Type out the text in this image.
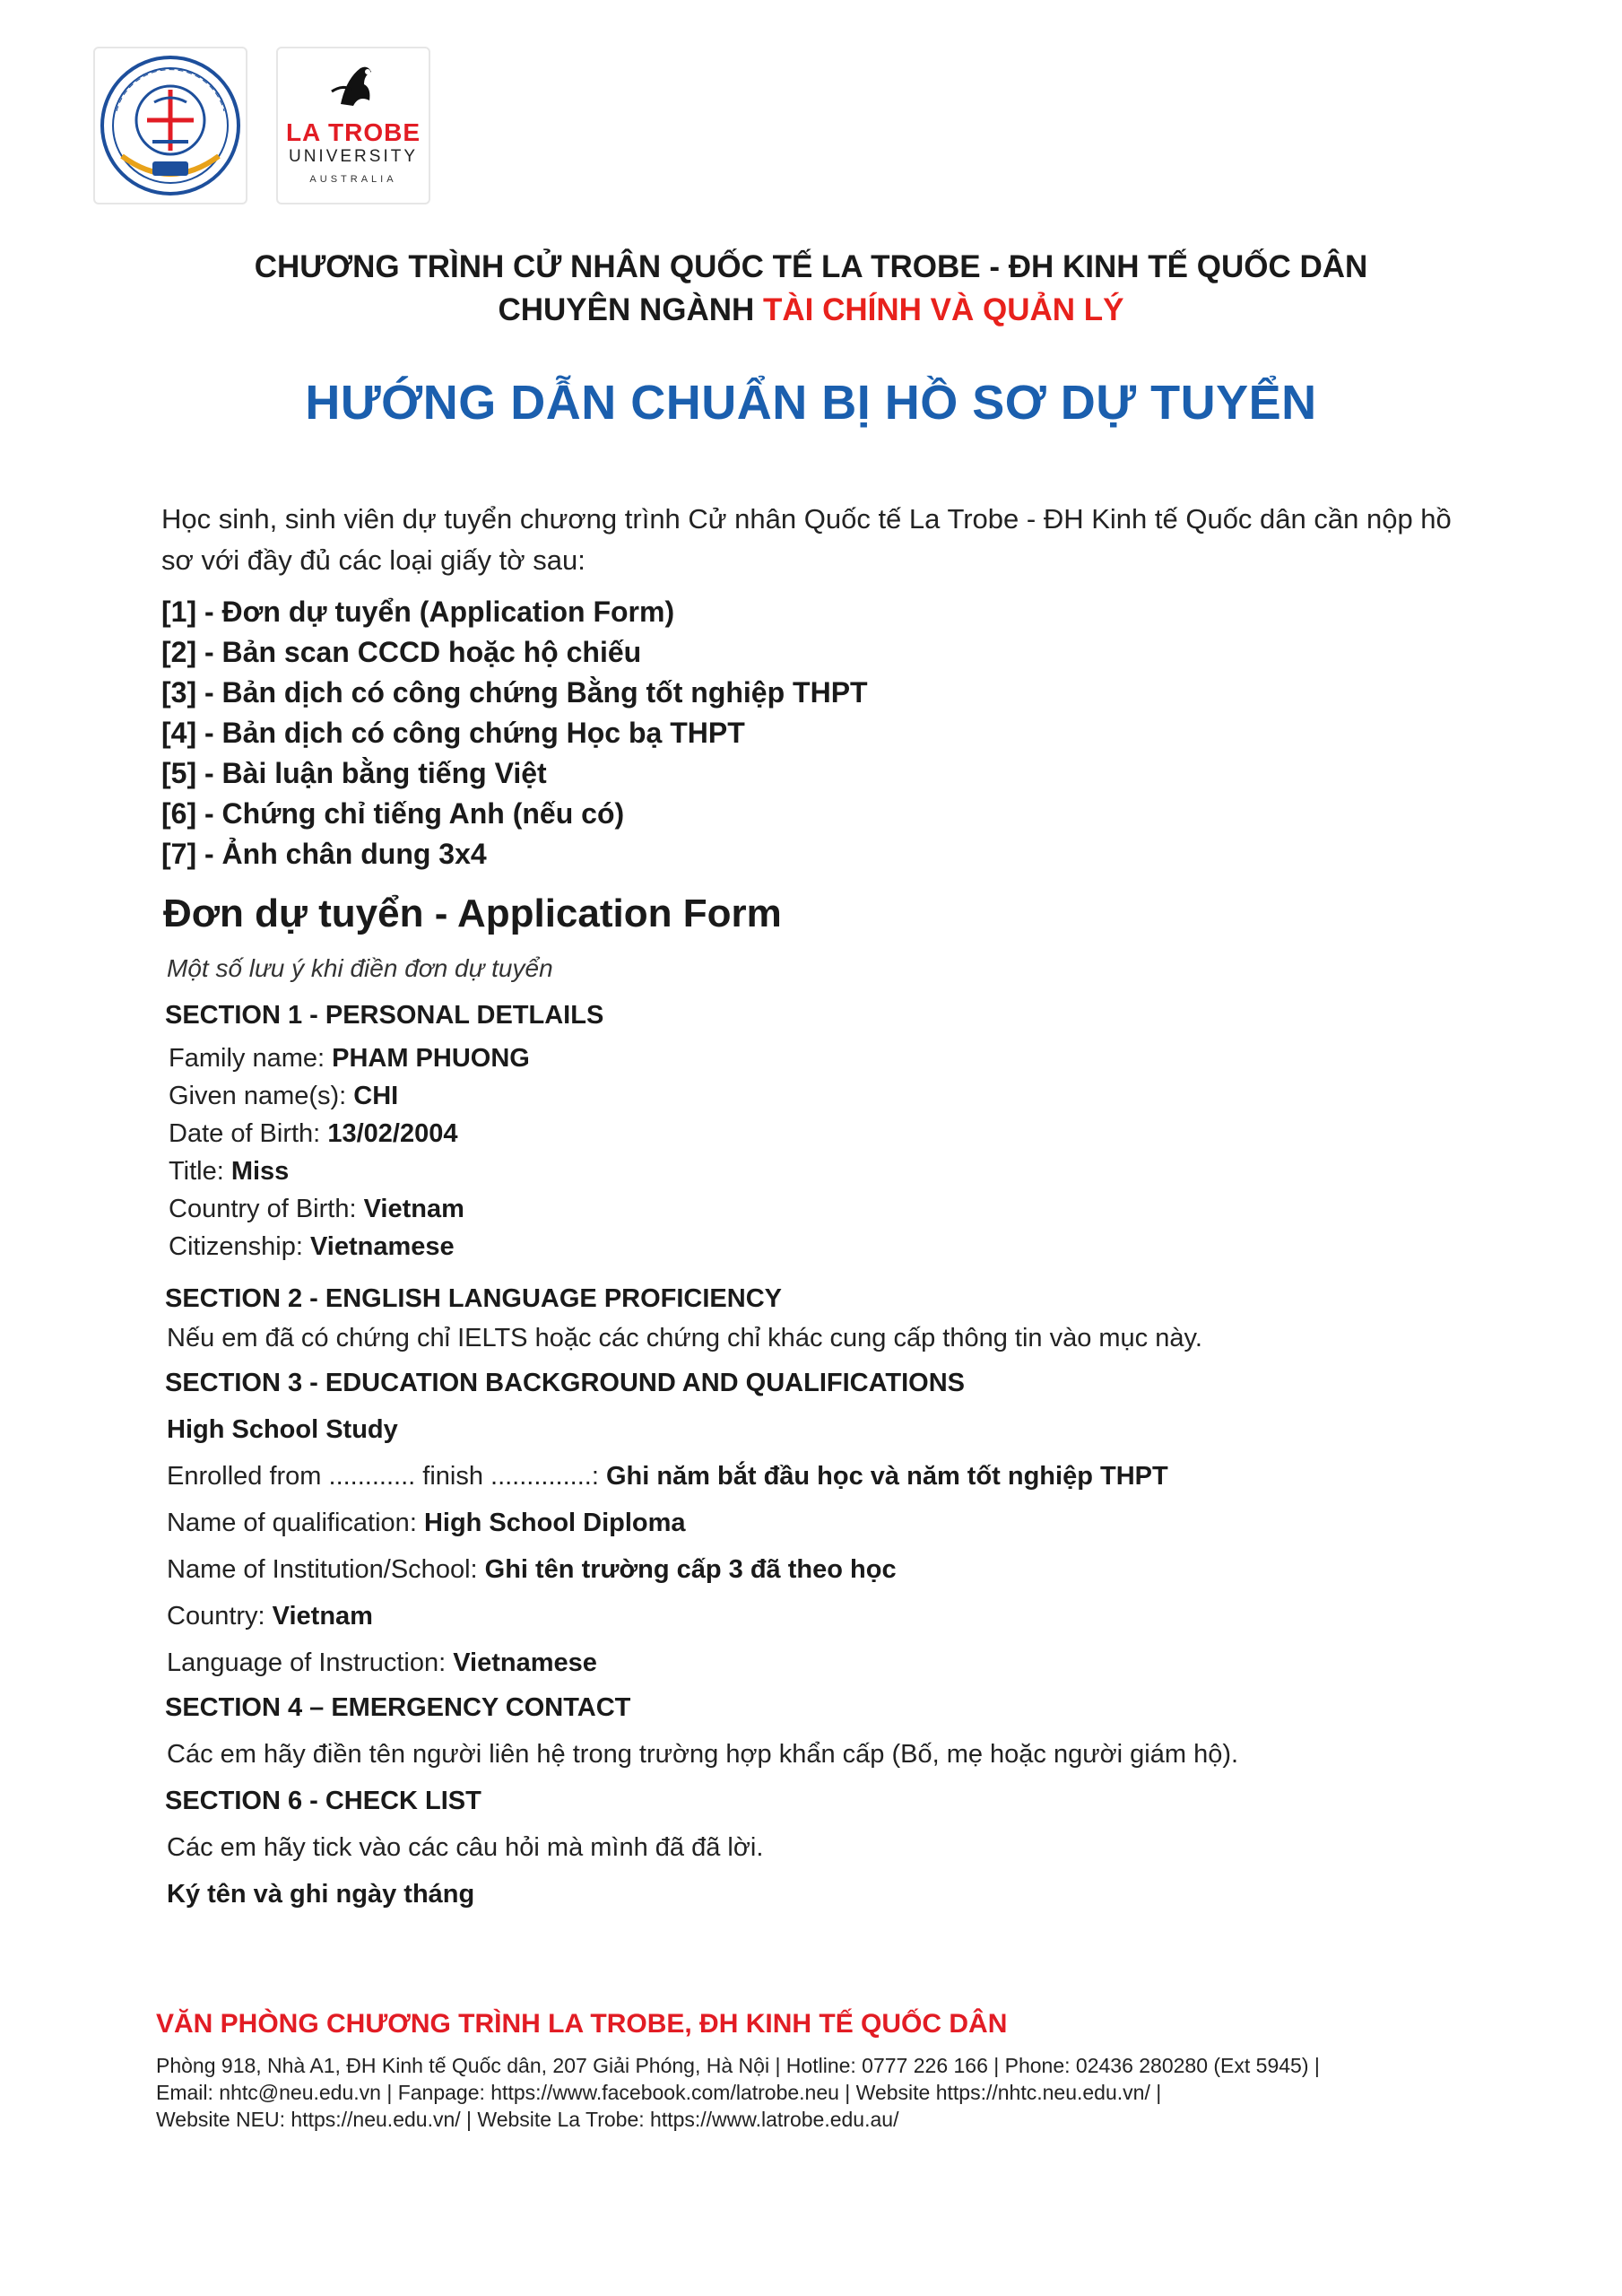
LA TROBE
UNIVERSITY
AUSTRALIA
CHƯƠNG TRÌNH CỬ NHÂN QUỐC TẾ LA TROBE - ĐH KINH TẾ QUỐC DÂN
CHUYÊN NGÀNH TÀI CHÍNH VÀ QUẢN LÝ
HƯỚNG DẪN CHUẨN BỊ HỒ SƠ DỰ TUYỂN
Học sinh, sinh viên dự tuyển chương trình Cử nhân Quốc tế La Trobe - ĐH Kinh tế Quốc dân cần nộp hồ sơ với đầy đủ các loại giấy tờ sau:
[1] - Đơn dự tuyển (Application Form)
[2] - Bản scan CCCD hoặc hộ chiếu
[3] - Bản dịch có công chứng Bằng tốt nghiệp THPT
[4] - Bản dịch có công chứng Học bạ THPT
[5] - Bài luận bằng tiếng Việt
[6] - Chứng chỉ tiếng Anh (nếu có)
[7] - Ảnh chân dung 3x4
Đơn dự tuyển - Application Form
Một số lưu ý khi điền đơn dự tuyển
SECTION 1 - PERSONAL DETLAILS
Family name: PHAM PHUONG
Given name(s): CHI
Date of Birth: 13/02/2004
Title: Miss
Country of Birth: Vietnam
Citizenship: Vietnamese
SECTION 2 - ENGLISH LANGUAGE PROFICIENCY
Nếu em đã có chứng chỉ IELTS hoặc các chứng chỉ khác cung cấp thông tin vào mục này.
SECTION 3 - EDUCATION BACKGROUND AND QUALIFICATIONS
High School Study
Enrolled from ............ finish ..............: Ghi năm bắt đầu học và năm tốt nghiệp THPT
Name of qualification: High School Diploma
Name of Institution/School: Ghi tên trường cấp 3 đã theo học
Country: Vietnam
Language of Instruction: Vietnamese
SECTION 4 – EMERGENCY CONTACT
Các em hãy điền tên người liên hệ trong trường hợp khẩn cấp (Bố, mẹ hoặc người giám hộ).
SECTION 6 - CHECK LIST
Các em hãy tick vào các câu hỏi mà mình đã đã lời.
Ký tên và ghi ngày tháng
VĂN PHÒNG CHƯƠNG TRÌNH LA TROBE, ĐH KINH TẾ QUỐC DÂN
Phòng 918, Nhà A1, ĐH Kinh tế Quốc dân, 207 Giải Phóng, Hà Nội | Hotline: 0777 226 166 | Phone: 02436 280280 (Ext 5945) |
Email: nhtc@neu.edu.vn | Fanpage: https://www.facebook.com/latrobe.neu | Website https://nhtc.neu.edu.vn/ |
Website NEU: https://neu.edu.vn/ | Website La Trobe: https://www.latrobe.edu.au/
